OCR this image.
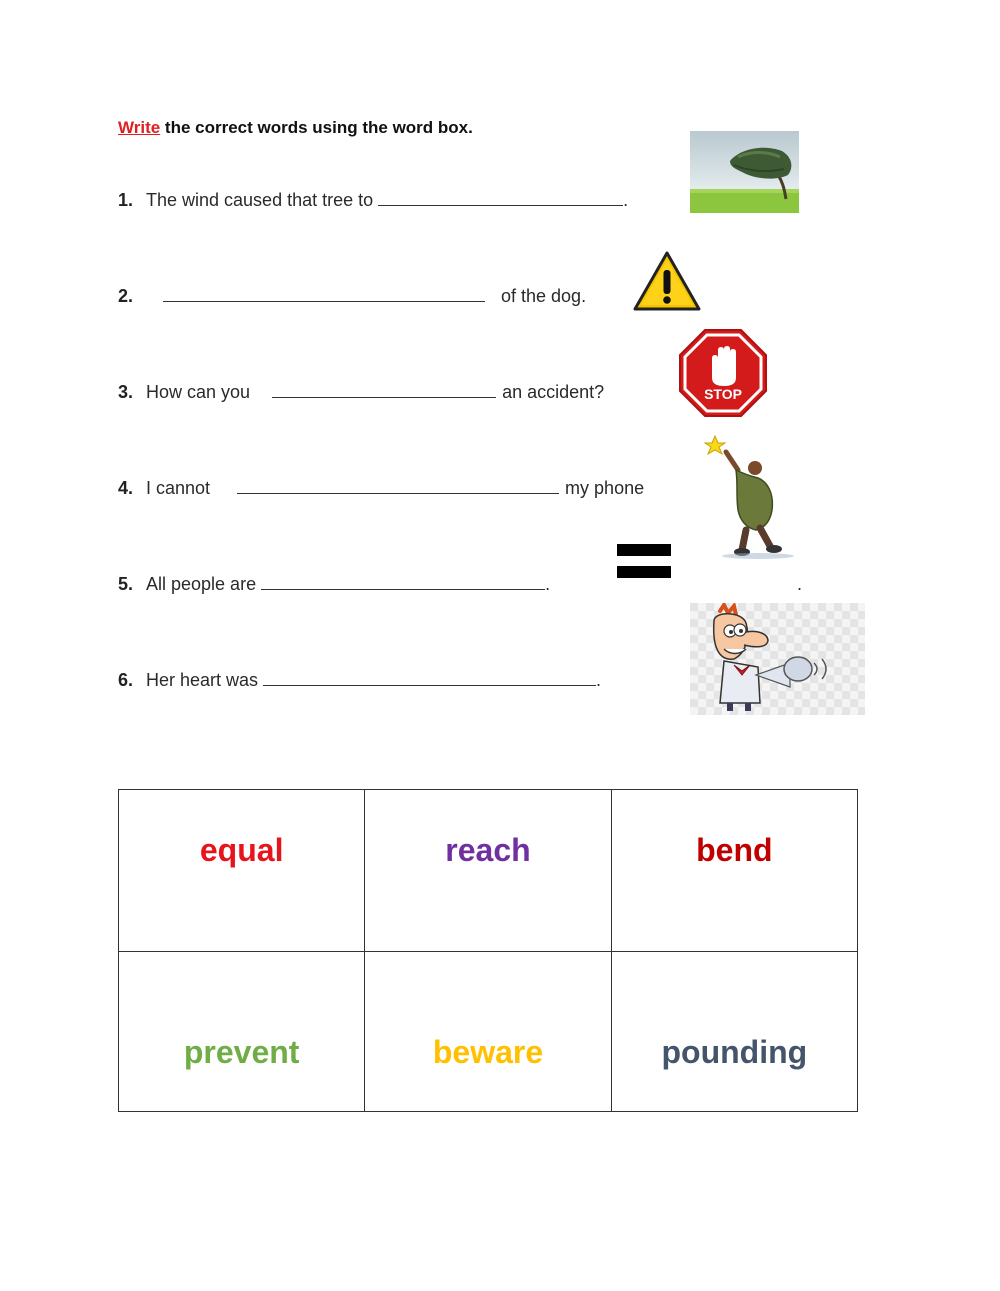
Write the correct words using the word box.
1. The wind caused that tree to	.
2.	of the dog.
3. How can you	an accident?
4. I cannot	my phone
5. All people are	.	.
6. Her heart was	.
STOP
equal	reach	bend
prevent	beware	pounding
